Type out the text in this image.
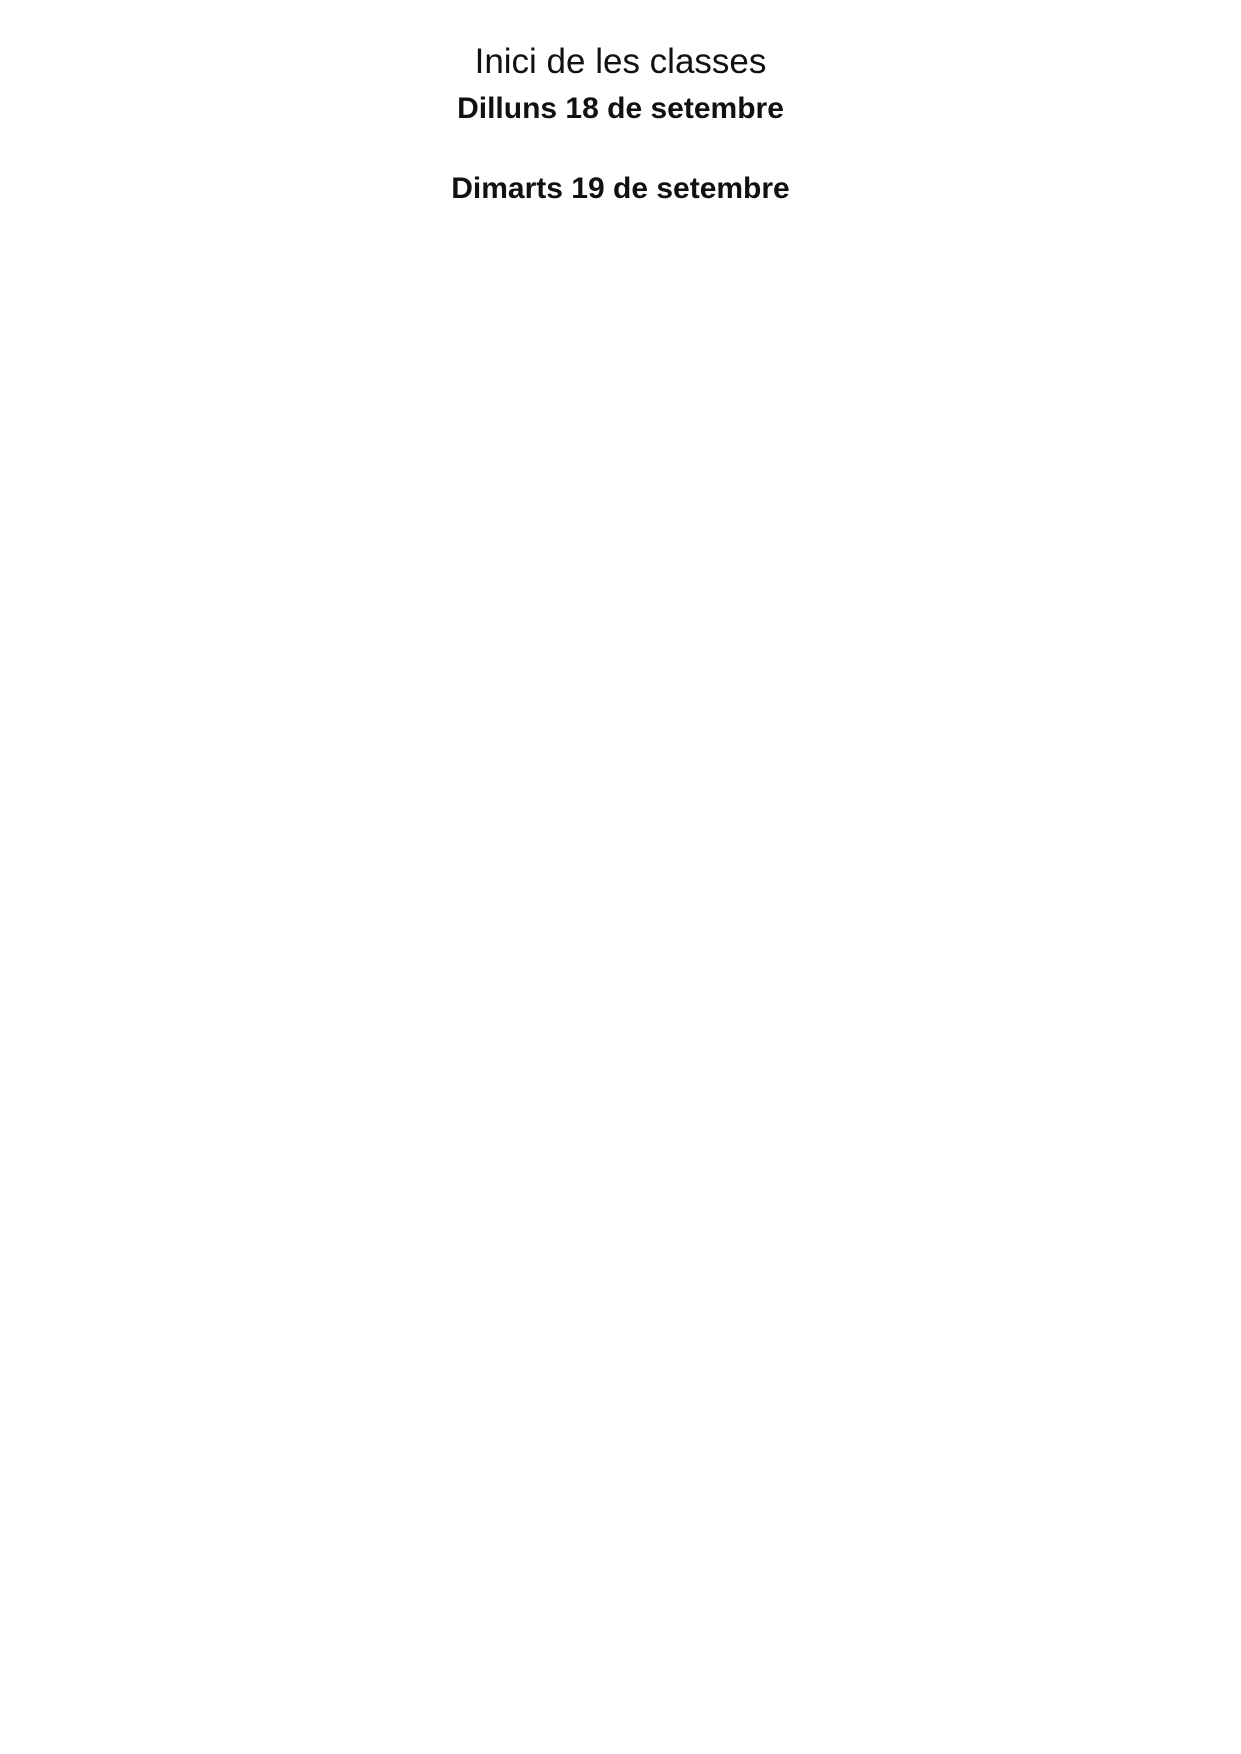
Inici de les classes
Dilluns 18 de setembre
Dimarts 19 de setembre
